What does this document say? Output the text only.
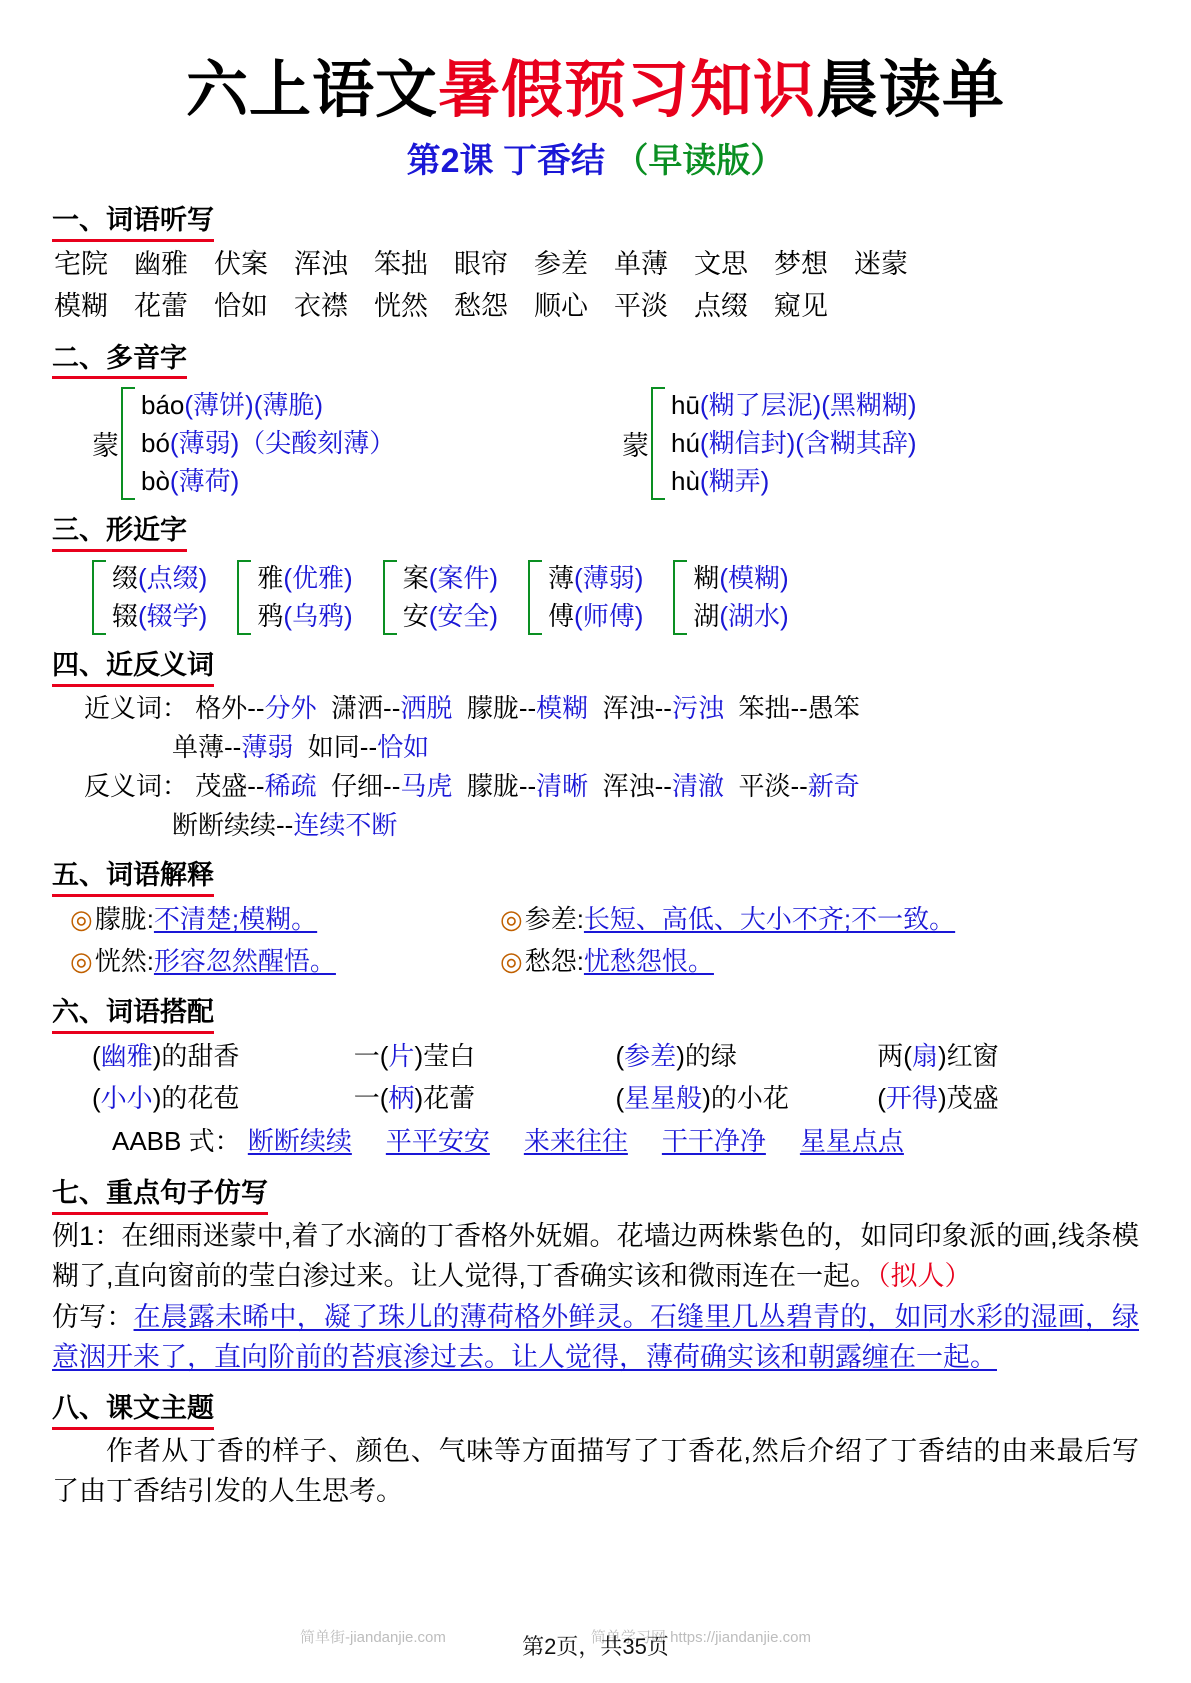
六上语文暑假预习知识晨读单
第2课 丁香结 （早读版）
一、词语听写
宅院 幽雅 伏案 浑浊 笨拙 眼帘 参差 单薄 文思 梦想 迷蒙
模糊 花蕾 恰如 衣襟 恍然 愁怨 顺心 平淡 点缀 窥见
二、多音字
蒙
báo(薄饼)(薄脆)
bó(薄弱)（尖酸刻薄）
bò(薄荷)
蒙
hū(糊了层泥)(黑糊糊)
hú(糊信封)(含糊其辞)
hù(糊弄)
三、形近字
缀(点缀)
辍(辍学)
雅(优雅)
鸦(乌鸦)
案(案件)
安(安全)
薄(薄弱)
傅(师傅)
糊(模糊)
湖(湖水)
四、近反义词
近义词： 格外--分外 潇洒--洒脱 朦胧--模糊 浑浊--污浊 笨拙--愚笨
单薄--薄弱 如同--恰如
反义词： 茂盛--稀疏 仔细--马虎 朦胧--清晰 浑浊--清澈 平淡--新奇
断断续续--连续不断
五、词语解释
◎朦胧:不清楚;模糊。	◎参差:长短、高低、大小不齐;不一致。
◎恍然:形容忽然醒悟。	◎愁怨:忧愁怨恨。
六、词语搭配
(幽雅)的甜香	一(片)莹白	(参差)的绿	两(扇)红窗
(小小)的花苞	一(柄)花蕾	(星星般)的小花	(开得)茂盛
AABB 式： 断断续续 平平安安 来来往往 干干净净 星星点点
七、重点句子仿写
例1：在细雨迷蒙中,着了水滴的丁香格外妩媚。花墙边两株紫色的，如同印象派的画,线条模糊了,直向窗前的莹白渗过来。让人觉得,丁香确实该和微雨连在一起。（拟人）
仿写：在晨露未晞中，凝了珠儿的薄荷格外鲜灵。石缝里几丛碧青的，如同水彩的湿画，绿意洇开来了，直向阶前的苔痕渗过去。让人觉得，薄荷确实该和朝露缠在一起。
八、课文主题
作者从丁香的样子、颜色、气味等方面描写了丁香花,然后介绍了丁香结的由来最后写了由丁香结引发的人生思考。
简单街-jiandanjie.com	简单学习网 https://jiandanjie.com
第2页，共35页
